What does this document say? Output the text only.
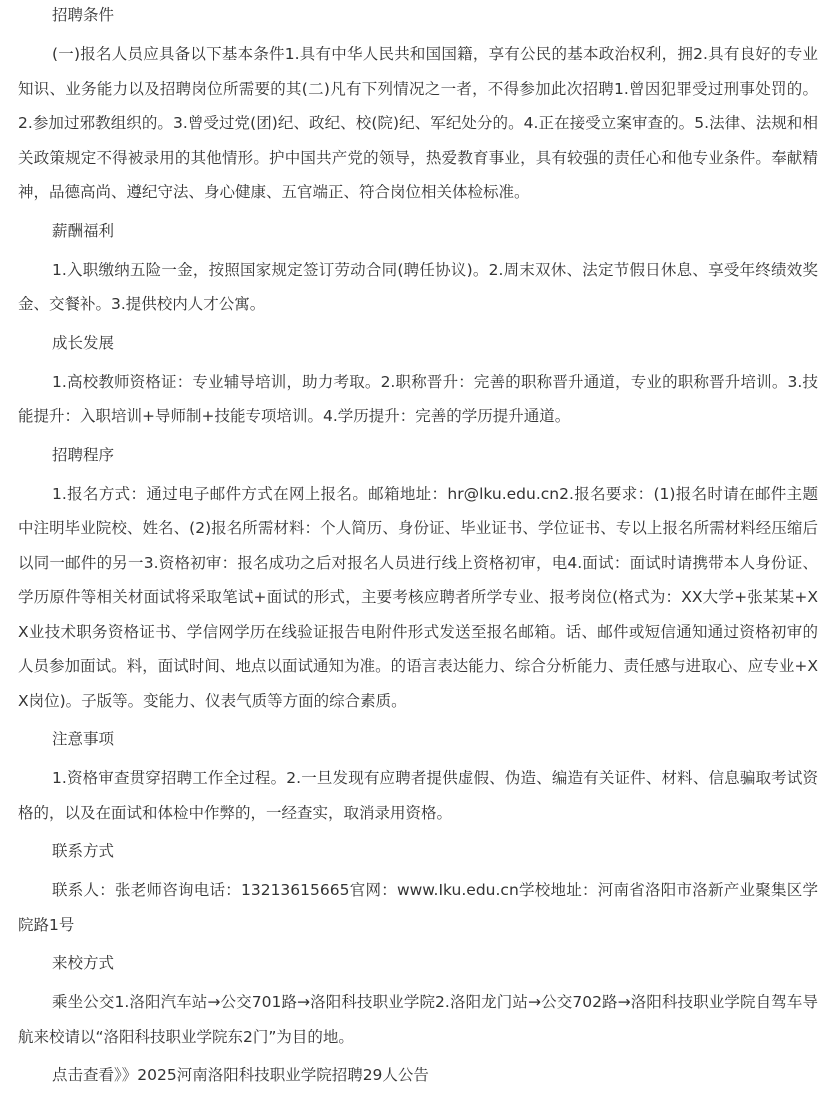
招聘条件

(一)报名人员应具备以下基本条件1.具有中华人民共和国国籍，享有公民的基本政治权利，拥2.具有良好的专业知识、业务能力以及招聘岗位所需要的其(二)凡有下列情况之一者，不得参加此次招聘1.曾因犯罪受过刑事处罚的。2.参加过邪教组织的。3.曾受过党(团)纪、政纪、校(院)纪、军纪处分的。4.正在接受立案审查的。5.法律、法规和相关政策规定不得被录用的其他情形。护中国共产党的领导，热爱教育事业，具有较强的责任心和他专业条件。奉献精神，品德高尚、遵纪守法、身心健康、五官端正、符合岗位相关体检标准。

薪酬福利

1.入职缴纳五险一金，按照国家规定签订劳动合同(聘任协议)。2.周末双休、法定节假日休息、享受年终绩效奖金、交餐补。3.提供校内人才公寓。

成长发展

1.高校教师资格证：专业辅导培训，助力考取。2.职称晋升：完善的职称晋升通道，专业的职称晋升培训。3.技能提升：入职培训+导师制+技能专项培训。4.学历提升：完善的学历提升通道。

招聘程序

1.报名方式：通过电子邮件方式在网上报名。邮箱地址：hr@lku.edu.cn2.报名要求：(1)报名时请在邮件主题中注明毕业院校、姓名、(2)报名所需材料：个人简历、身份证、毕业证书、学位证书、专以上报名所需材料经压缩后以同一邮件的另一3.资格初审：报名成功之后对报名人员进行线上资格初审，电4.面试：面试时请携带本人身份证、学历原件等相关材面试将采取笔试+面试的形式，主要考核应聘者所学专业、报考岗位(格式为：XX大学+张某某+XX业技术职务资格证书、学信网学历在线验证报告电附件形式发送至报名邮箱。话、邮件或短信通知通过资格初审的人员参加面试。料，面试时间、地点以面试通知为准。的语言表达能力、综合分析能力、责任感与进取心、应专业+XX岗位)。子版等。变能力、仪表气质等方面的综合素质。

注意事项

1.资格审查贯穿招聘工作全过程。2.一旦发现有应聘者提供虚假、伪造、编造有关证件、材料、信息骗取考试资格的，以及在面试和体检中作弊的，一经查实，取消录用资格。

联系方式

联系人：张老师咨询电话：13213615665官网：www.Iku.edu.cn学校地址：河南省洛阳市洛新产业聚集区学院路1号

来校方式

乘坐公交1.洛阳汽车站→公交701路→洛阳科技职业学院2.洛阳龙门站→公交702路→洛阳科技职业学院自驾车导航来校请以“洛阳科技职业学院东2门”为目的地。

点击查看》》2025河南洛阳科技职业学院招聘29人公告
